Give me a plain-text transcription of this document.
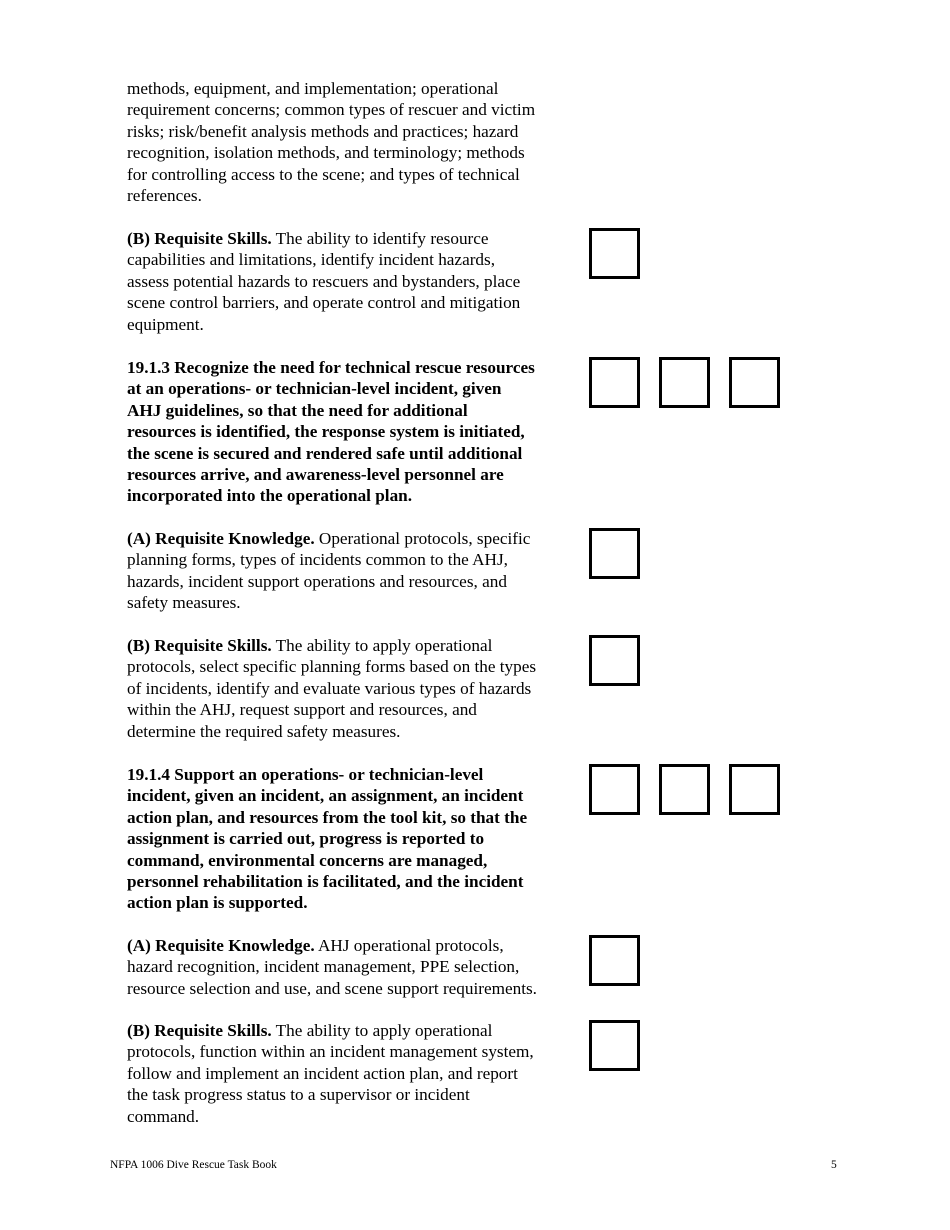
methods, equipment, and implementation; operational
requirement concerns; common types of rescuer and victim
risks; risk/benefit analysis methods and practices; hazard
recognition, isolation methods, and terminology; methods
for controlling access to the scene; and types of technical
references.
(B) Requisite Skills. The ability to identify resource
capabilities and limitations, identify incident hazards,
assess potential hazards to rescuers and bystanders, place
scene control barriers, and operate control and mitigation
equipment.
19.1.3 Recognize the need for technical rescue resources
at an operations- or technician-level incident, given
AHJ guidelines, so that the need for additional
resources is identified, the response system is initiated,
the scene is secured and rendered safe until additional
resources arrive, and awareness-level personnel are
incorporated into the operational plan.
(A) Requisite Knowledge. Operational protocols, specific
planning forms, types of incidents common to the AHJ,
hazards, incident support operations and resources, and
safety measures.
(B) Requisite Skills. The ability to apply operational
protocols, select specific planning forms based on the types
of incidents, identify and evaluate various types of hazards
within the AHJ, request support and resources, and
determine the required safety measures.
19.1.4 Support an operations- or technician-level
incident, given an incident, an assignment, an incident
action plan, and resources from the tool kit, so that the
assignment is carried out, progress is reported to
command, environmental concerns are managed,
personnel rehabilitation is facilitated, and the incident
action plan is supported.
(A) Requisite Knowledge. AHJ operational protocols,
hazard recognition, incident management, PPE selection,
resource selection and use, and scene support requirements.
(B) Requisite Skills. The ability to apply operational
protocols, function within an incident management system,
follow and implement an incident action plan, and report
the task progress status to a supervisor or incident
command.
NFPA 1006 Dive Rescue Task Book	5
